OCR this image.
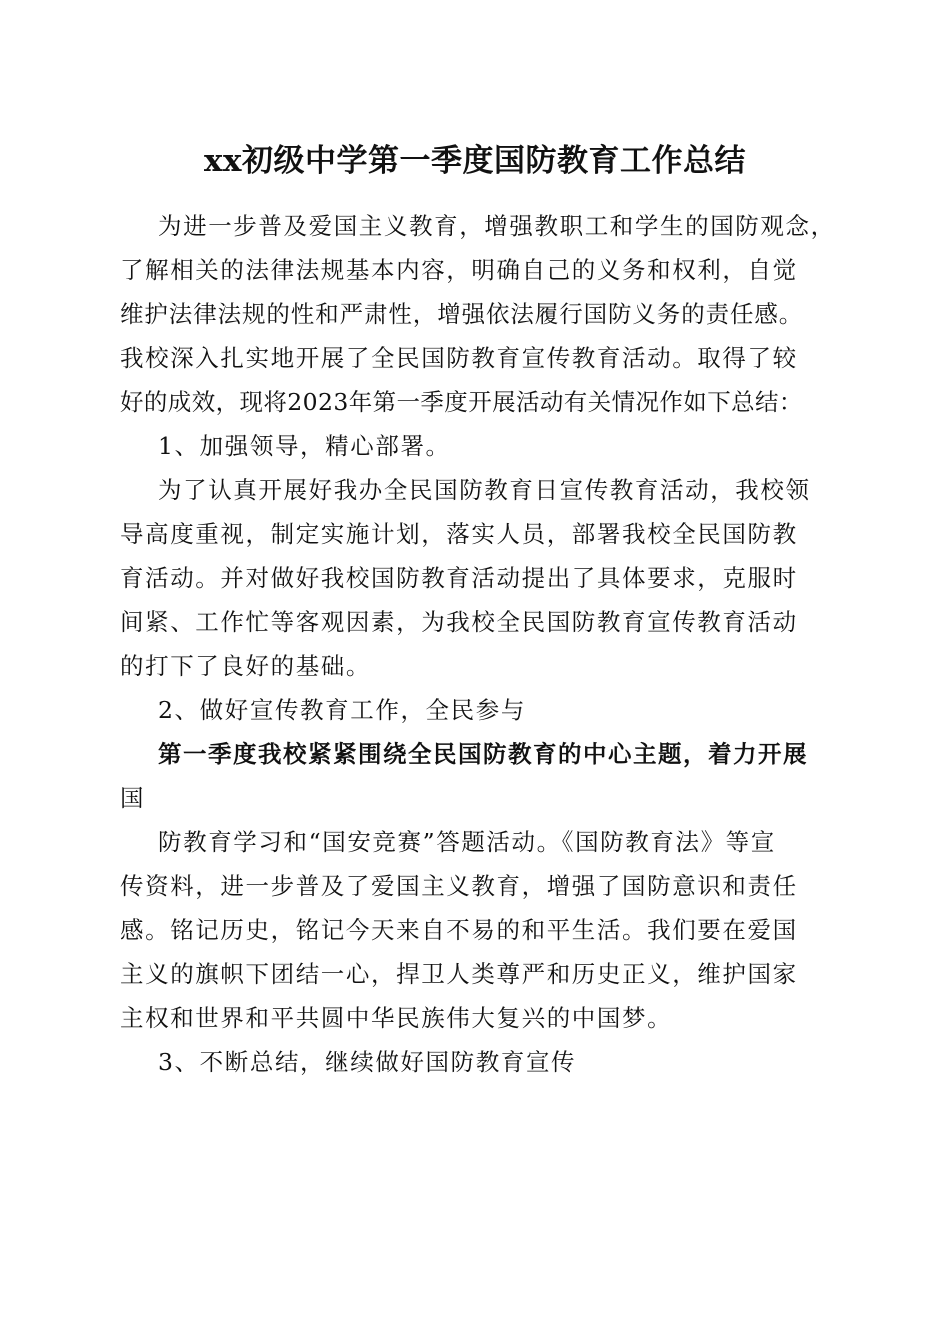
xx初级中学第一季度国防教育工作总结
为进一步普及爱国主义教育，增强教职工和学生的国防观念，
了解相关的法律法规基本内容，明确自己的义务和权利，自觉
维护法律法规的性和严肃性，增强依法履行国防义务的责任感。
我校深入扎实地开展了全民国防教育宣传教育活动。取得了较
好的成效，现将2023年第一季度开展活动有关情况作如下总结：
1、加强领导，精心部署。
为了认真开展好我办全民国防教育日宣传教育活动，我校领
导高度重视，制定实施计划，落实人员，部署我校全民国防教
育活动。并对做好我校国防教育活动提出了具体要求，克服时
间紧、工作忙等客观因素，为我校全民国防教育宣传教育活动
的打下了良好的基础。
2、做好宣传教育工作，全民参与
第一季度我校紧紧围绕全民国防教育的中心主题，着力开展
国
防教育学习和“国安竞赛”答题活动。《国防教育法》等宣
传资料，进一步普及了爱国主义教育，增强了国防意识和责任
感。铭记历史，铭记今天来自不易的和平生活。我们要在爱国
主义的旗帜下团结一心，捍卫人类尊严和历史正义，维护国家
主权和世界和平共圆中华民族伟大复兴的中国梦。
3、不断总结，继续做好国防教育宣传
